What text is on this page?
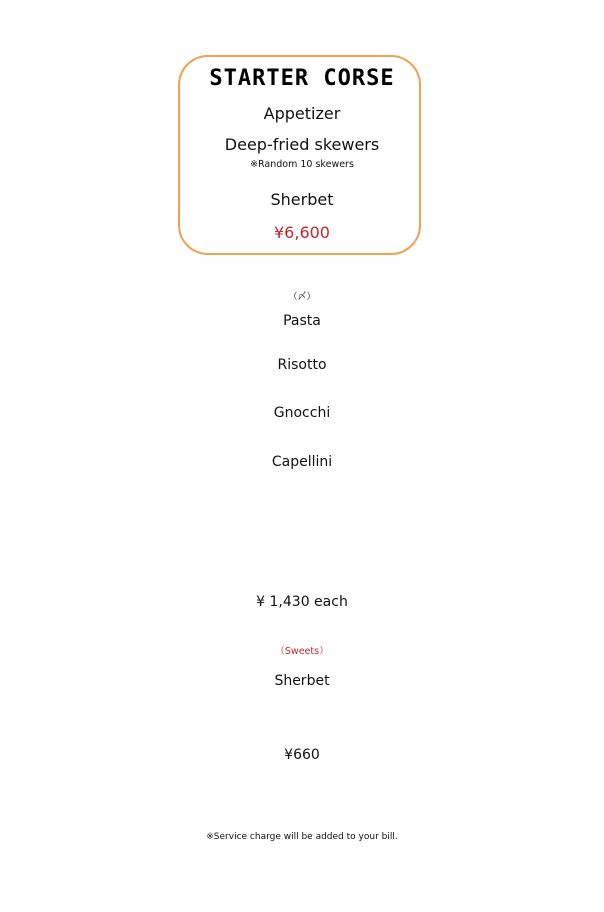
STARTER CORSE
Appetizer
Deep-fried skewers
※Random 10 skewers
Sherbet
¥6,600
（〆）
Pasta
Risotto
Gnocchi
Capellini
¥ 1,430 each
（Sweets）
Sherbet
¥660
※Service charge will be added to your bill.
